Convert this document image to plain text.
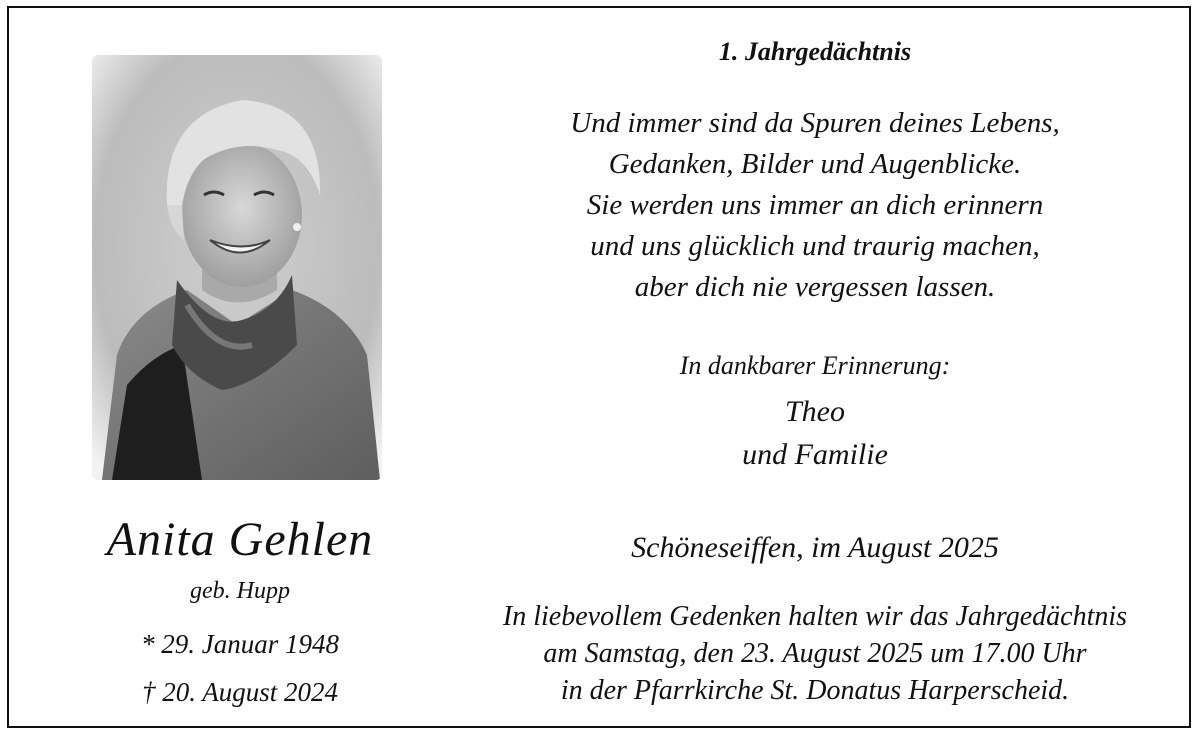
Anita Gehlen
geb. Hupp
* 29. Januar 1948
† 20. August 2024
1. Jahrgedächtnis
Und immer sind da Spuren deines Lebens,
Gedanken, Bilder und Augenblicke.
Sie werden uns immer an dich erinnern
und uns glücklich und traurig machen,
aber dich nie vergessen lassen.
In dankbarer Erinnerung:
Theo
und Familie
Schöneseiffen, im August 2025
In liebevollem Gedenken halten wir das Jahrgedächtnis
am Samstag, den 23. August 2025 um 17.00 Uhr
in der Pfarrkirche St. Donatus Harperscheid.
